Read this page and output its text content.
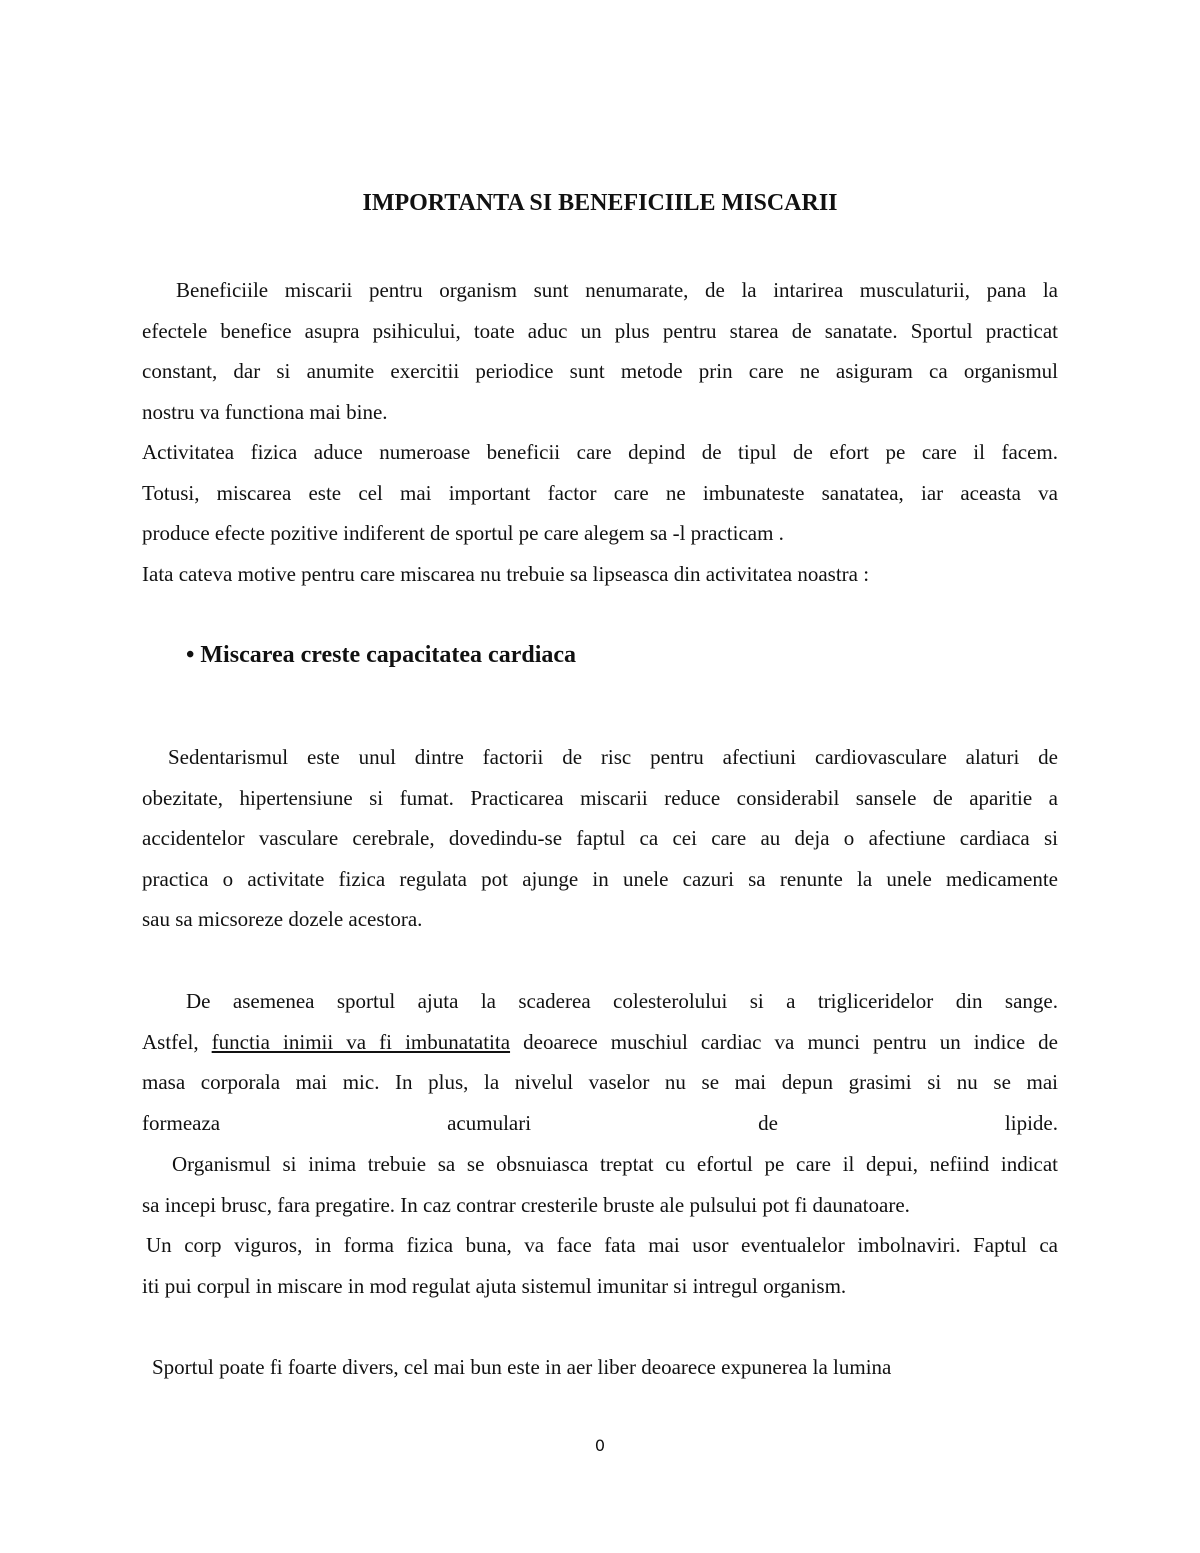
IMPORTANTA SI BENEFICIILE MISCARII
Beneficiile miscarii pentru organism sunt nenumarate, de la intarirea musculaturii, pana la
efectele benefice asupra psihicului, toate aduc un plus pentru starea de sanatate. Sportul practicat
constant, dar si anumite exercitii periodice sunt metode prin care ne asiguram ca organismul
nostru va functiona mai bine.
Activitatea fizica aduce numeroase beneficii care depind de tipul de efort pe care il facem.
Totusi, miscarea este cel mai important factor care ne imbunateste sanatatea, iar aceasta va
produce efecte pozitive indiferent de sportul pe care alegem sa -l practicam .
Iata cateva motive pentru care miscarea nu trebuie sa lipseasca din activitatea noastra :
• Miscarea creste capacitatea cardiaca
Sedentarismul este unul dintre factorii de risc pentru afectiuni cardiovasculare alaturi de
obezitate, hipertensiune si fumat. Practicarea miscarii reduce considerabil sansele de aparitie a
accidentelor vasculare cerebrale, dovedindu-se faptul ca cei care au deja o afectiune cardiaca si
practica o activitate fizica regulata pot ajunge in unele cazuri sa renunte la unele medicamente
sau sa micsoreze dozele acestora.
De asemenea sportul ajuta la scaderea colesterolului si a trigliceridelor din sange.
Astfel, functia inimii va fi imbunatatita deoarece muschiul cardiac va munci pentru un indice de
masa corporala mai mic. In plus, la nivelul vaselor nu se mai depun grasimi si nu se mai
formeaza acumulari de lipide.
Organismul si inima trebuie sa se obsnuiasca treptat cu efortul pe care il depui, nefiind indicat
sa incepi brusc, fara pregatire. In caz contrar cresterile bruste ale pulsului pot fi daunatoare.
Un corp viguros, in forma fizica buna, va face fata mai usor eventualelor imbolnaviri. Faptul ca
iti pui corpul in miscare in mod regulat ajuta sistemul imunitar si intregul organism.
Sportul poate fi foarte divers, cel mai bun este in aer liber deoarece expunerea la lumina
0
